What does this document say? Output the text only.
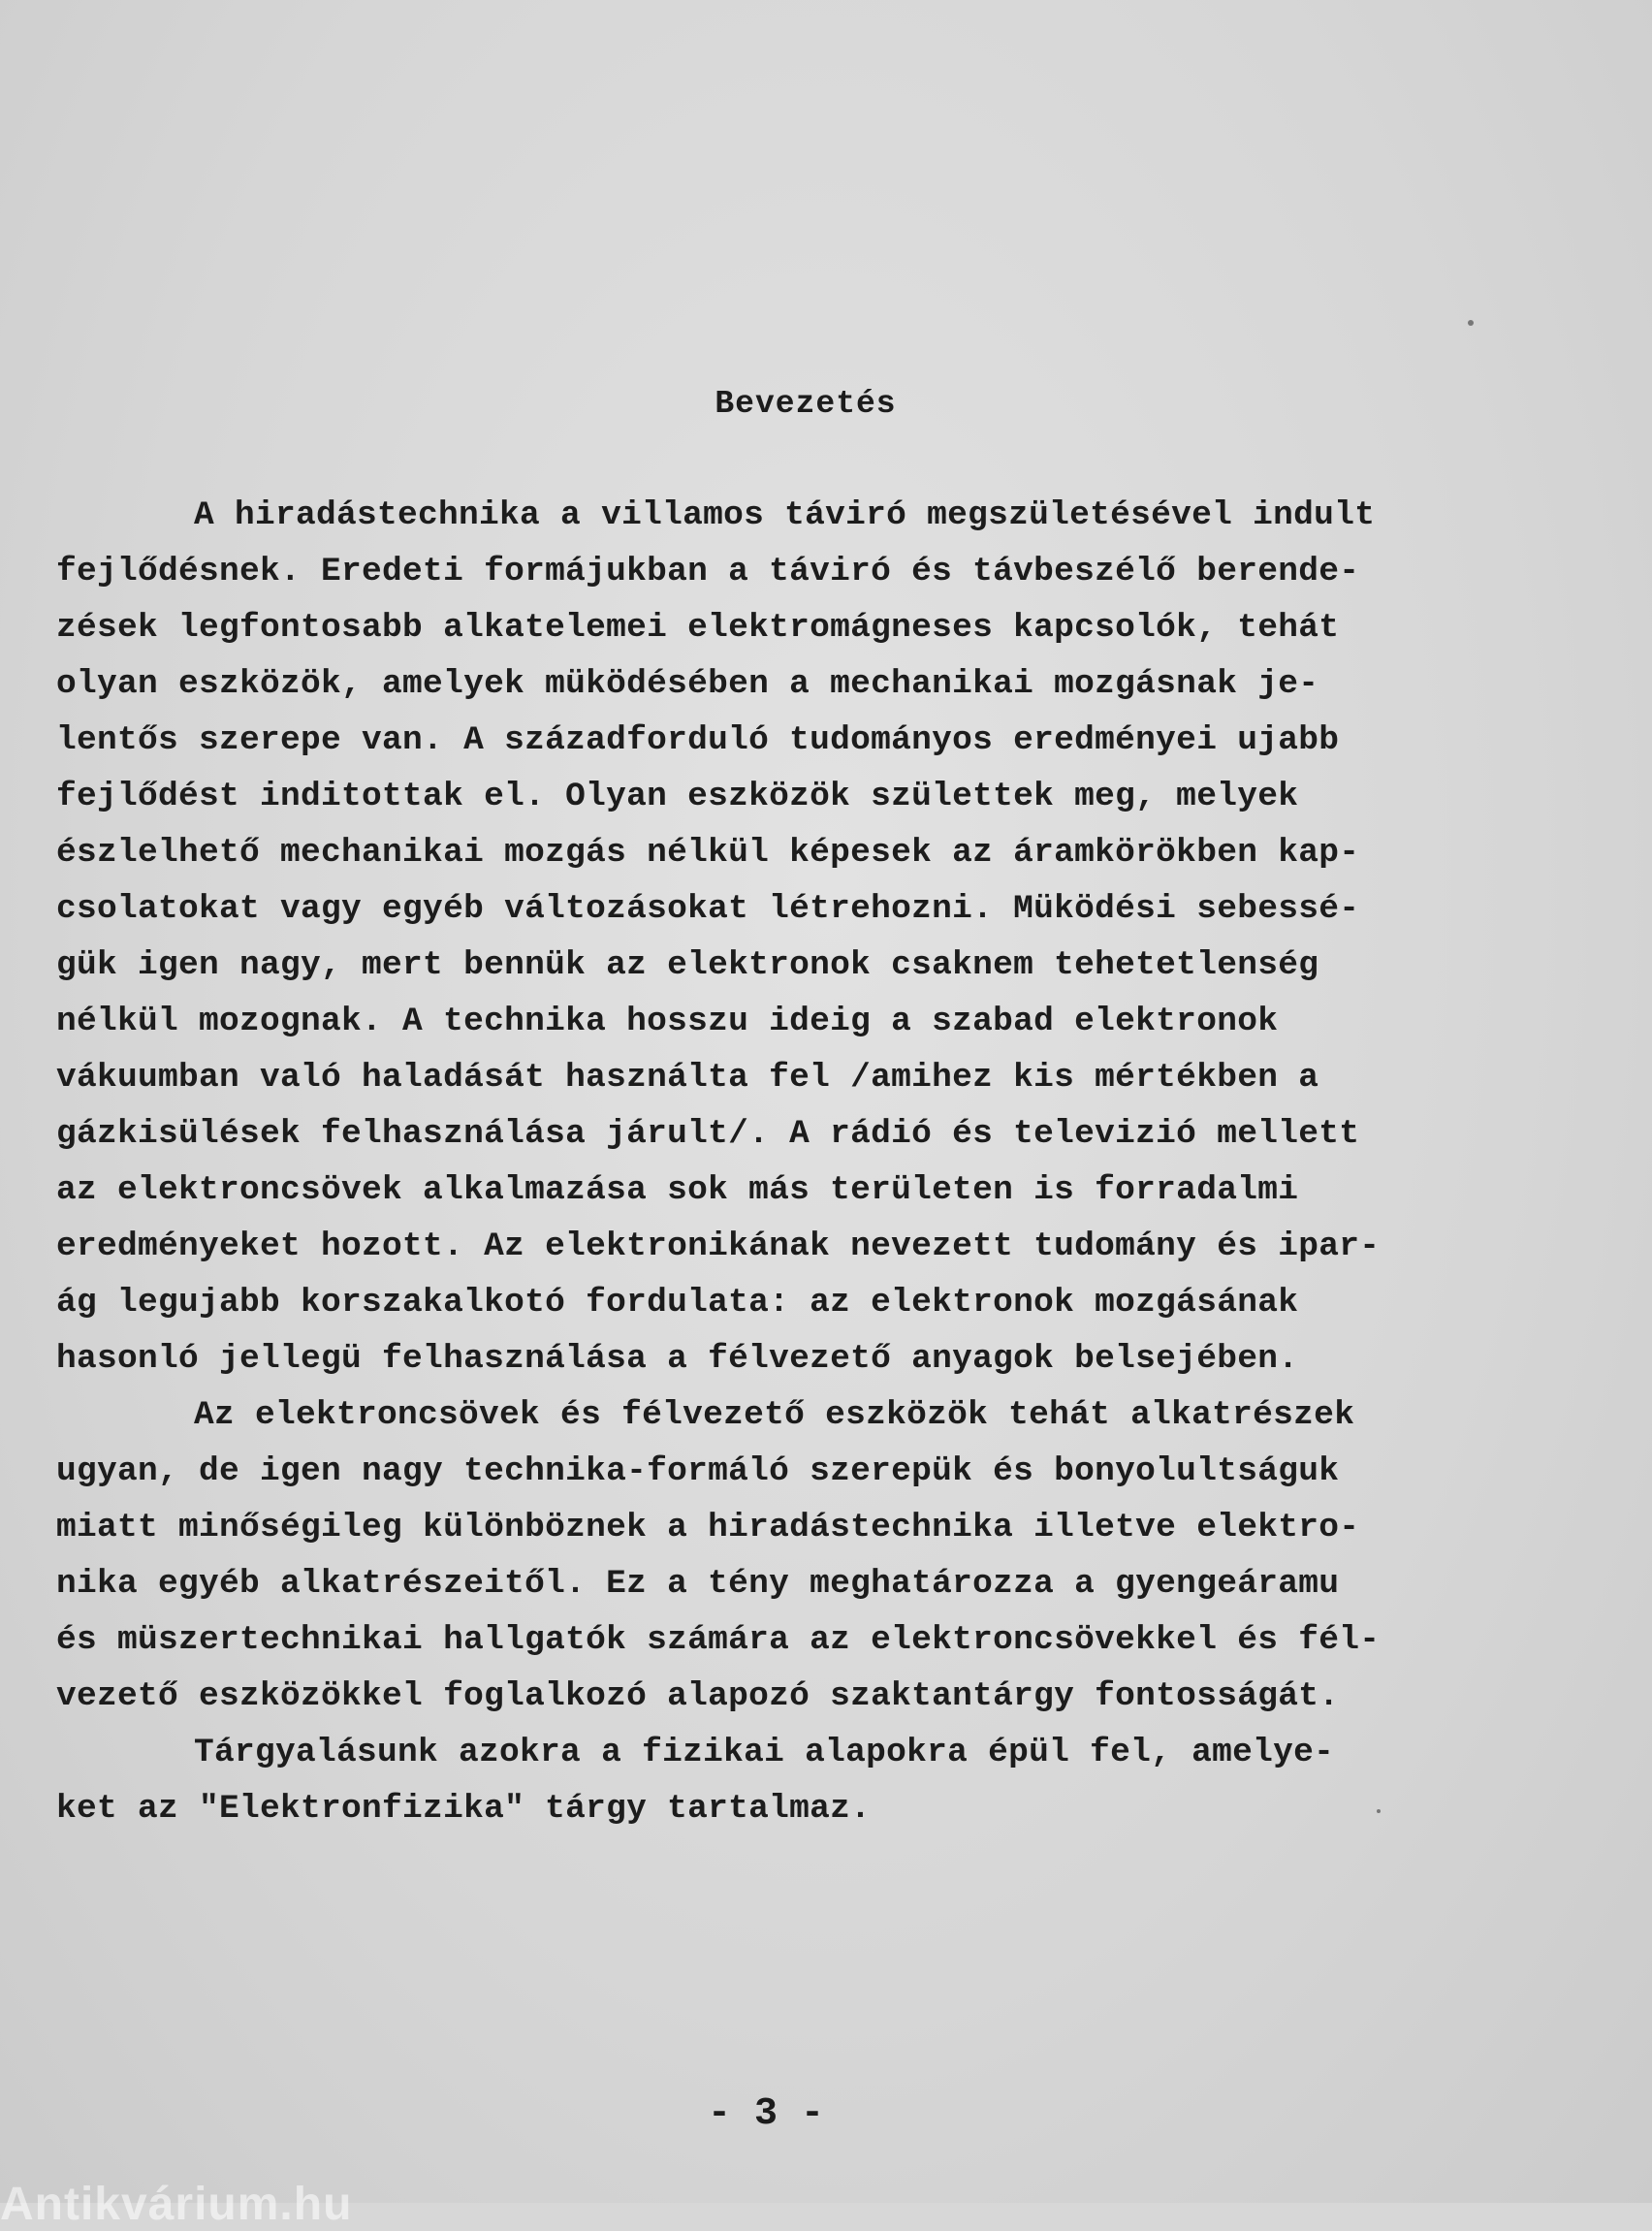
Bevezetés
A hiradástechnika a villamos táviró megszületésével indult
fejlődésnek. Eredeti formájukban a táviró és távbeszélő berende-
zések legfontosabb alkatelemei elektromágneses kapcsolók, tehát
olyan eszközök, amelyek müködésében a mechanikai mozgásnak je-
lentős szerepe van. A századforduló tudományos eredményei ujabb
fejlődést inditottak el. Olyan eszközök születtek meg, melyek
észlelhető mechanikai mozgás nélkül képesek az áramkörökben kap-
csolatokat vagy egyéb változásokat létrehozni. Müködési sebessé-
gük igen nagy, mert bennük az elektronok csaknem tehetetlenség
nélkül mozognak. A technika hosszu ideig a szabad elektronok
vákuumban való haladását használta fel /amihez kis mértékben a
gázkisülések felhasználása járult/. A rádió és televizió mellett
az elektroncsövek alkalmazása sok más területen is forradalmi
eredményeket hozott. Az elektronikának nevezett tudomány és ipar-
ág legujabb korszakalkotó fordulata: az elektronok mozgásának
hasonló jellegü felhasználása a félvezető anyagok belsejében.
Az elektroncsövek és félvezető eszközök tehát alkatrészek
ugyan, de igen nagy technika-formáló szerepük és bonyolultságuk
miatt minőségileg különböznek a hiradástechnika illetve elektro-
nika egyéb alkatrészeitől. Ez a tény meghatározza a gyengeáramu
és müszertechnikai hallgatók számára az elektroncsövekkel és fél-
vezető eszközökkel foglalkozó alapozó szaktantárgy fontosságát.
Tárgyalásunk azokra a fizikai alapokra épül fel, amelye-
ket az "Elektronfizika" tárgy tartalmaz.
- 3 -
Antikvárium.hu
